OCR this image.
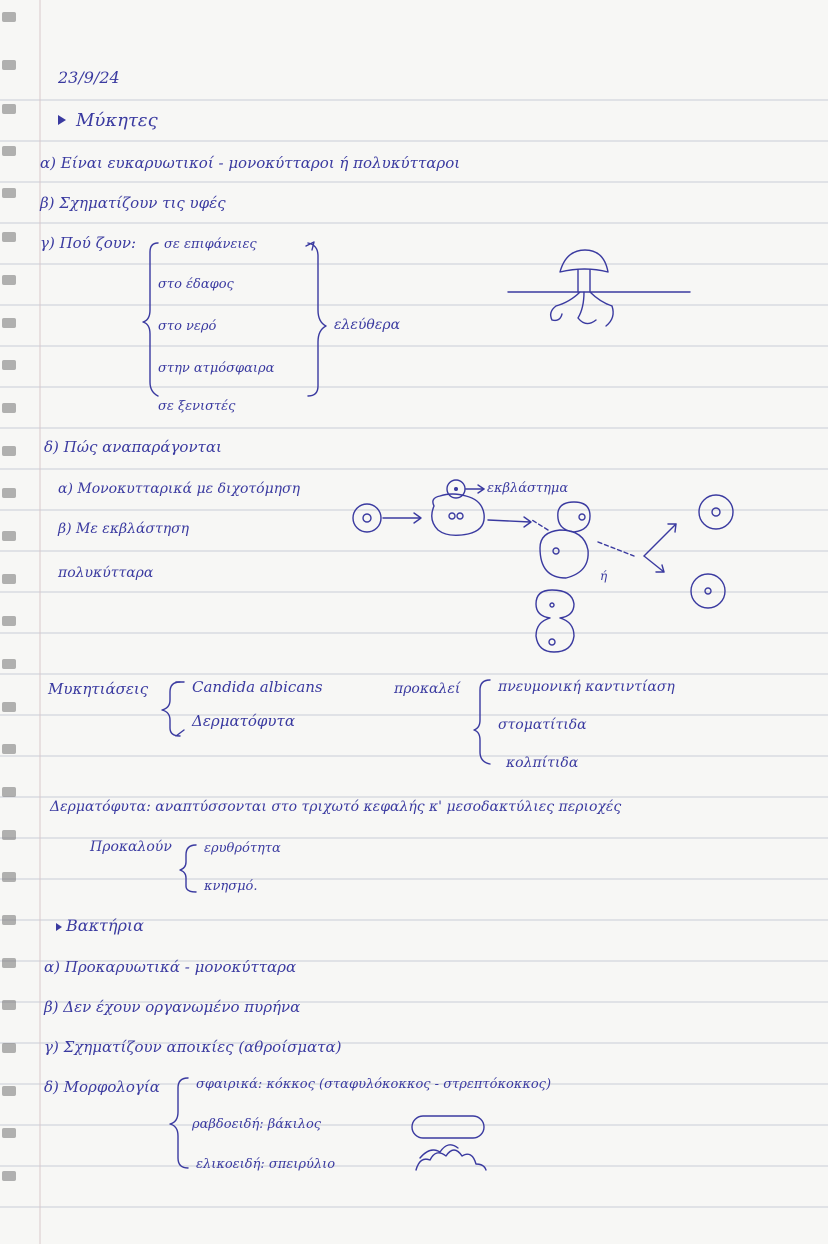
23/9/24
Μύκητες
α) Είναι ευκαρυωτικοί - μονοκύτταροι ή πολυκύτταροι
β) Σχηματίζουν τις υφές
γ) Πού ζουν: σε επιφάνειες
στο έδαφος
στο νερό
στην ατμόσφαιρα
σε ξενιστές
ελεύθερα
δ) Πώς αναπαράγονται
α) Μονοκυτταρικά με διχοτόμηση
β) Με εκβλάστηση
πολυκύτταρα
εκβλάστημα
ή
Μυκητιάσεις	Candida albicans
Δερματόφυτα
προκαλεί	πνευμονική καντιντίαση
στοματίτιδα
κολπίτιδα
Δερματόφυτα: αναπτύσσονται στο τριχωτό κεφαλής κ' μεσοδακτύλιες περιοχές
Προκαλούν ερυθρότητα
κνησμό.
Βακτήρια
α) Προκαρυωτικά - μονοκύτταρα
β) Δεν έχουν οργανωμένο πυρήνα
γ) Σχηματίζουν αποικίες (αθροίσματα)
δ) Μορφολογία	σφαιρικά: κόκκος (σταφυλόκοκκος - στρεπτόκοκκος)
ραβδοειδή: βάκιλος
ελικοειδή: σπειρύλιο
